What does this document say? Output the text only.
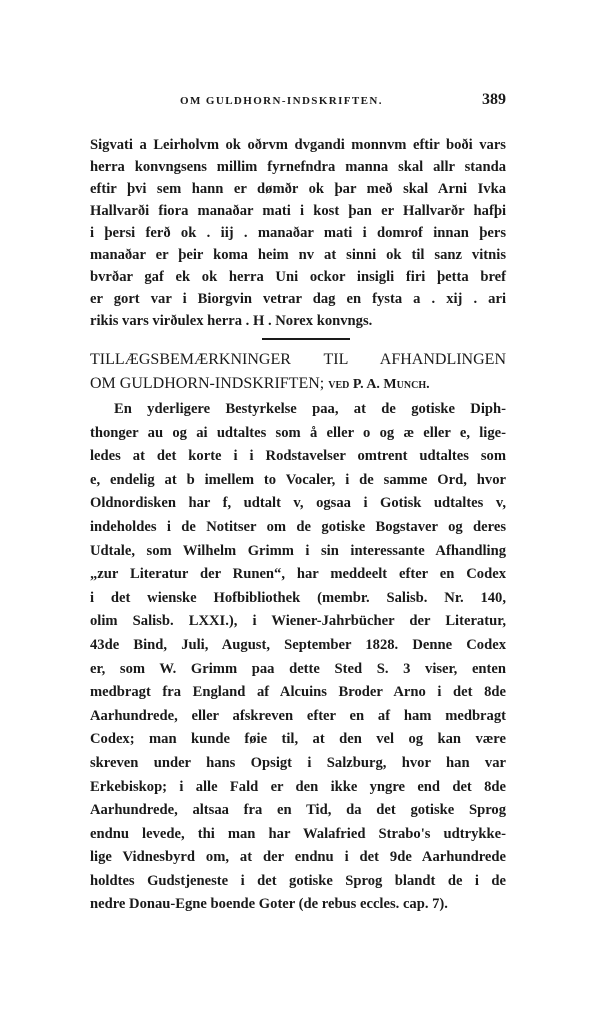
OM GULDHORN-INDSKRIFTEN.	389
Sigvati a Leirholvm ok oðrvm dvgandi monnvm eftir boði vars
herra konvngsens millim fyrnefndra manna skal allr standa
eftir þvi sem hann er dømðr ok þar með skal Arni Ivka
Hallvarði fiora manaðar mati i kost þan er Hallvarðr hafþi
i þersi ferð ok . iij . manaðar mati i domrof innan þers
manaðar er þeir koma heim nv at sinni ok til sanz vitnis
bvrðar gaf ek ok herra Uni ockor insigli firi þetta bref
er gort var i Biorgvin vetrar dag en fysta a . xij . ari
rikis vars virðulex herra . H . Norex konvngs.
TILLÆGSBEMÆRKNINGER TIL AFHANDLINGEN
OM GULDHORN-INDSKRIFTEN; ved P. A. Munch.
En yderligere Bestyrkelse paa, at de gotiske Diph-
thonger au og ai udtaltes som å eller o og æ eller e, lige-
ledes at det korte i i Rodstavelser omtrent udtaltes som
e, endelig at b imellem to Vocaler, i de samme Ord, hvor
Oldnordisken har f, udtalt v, ogsaa i Gotisk udtaltes v,
indeholdes i de Notitser om de gotiske Bogstaver og deres
Udtale, som Wilhelm Grimm i sin interessante Afhandling
„zur Literatur der Runen“, har meddeelt efter en Codex
i det wienske Hofbibliothek (membr. Salisb. Nr. 140,
olim Salisb. LXXI.), i Wiener-Jahrbücher der Literatur,
43de Bind, Juli, August, September 1828. Denne Codex
er, som W. Grimm paa dette Sted S. 3 viser, enten
medbragt fra England af Alcuins Broder Arno i det 8de
Aarhundrede, eller afskreven efter en af ham medbragt
Codex; man kunde føie til, at den vel og kan være
skreven under hans Opsigt i Salzburg, hvor han var
Erkebiskop; i alle Fald er den ikke yngre end det 8de
Aarhundrede, altsaa fra en Tid, da det gotiske Sprog
endnu levede, thi man har Walafried Strabo's udtrykke-
lige Vidnesbyrd om, at der endnu i det 9de Aarhundrede
holdtes Gudstjeneste i det gotiske Sprog blandt de i de
nedre Donau-Egne boende Goter (de rebus eccles. cap. 7).
